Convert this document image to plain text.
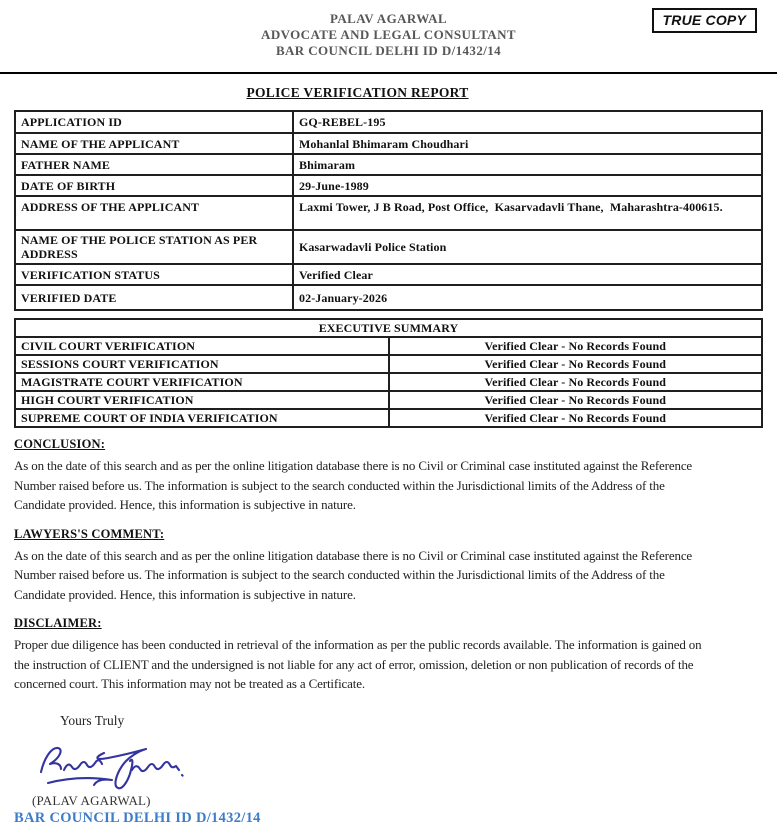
PALAV AGARWAL
ADVOCATE AND LEGAL CONSULTANT
BAR COUNCIL DELHI ID D/1432/14
TRUE COPY
POLICE VERIFICATION REPORT
APPLICATION ID	GQ-REBEL-195
NAME OF THE APPLICANT	Mohanlal Bhimaram Choudhari
FATHER NAME	Bhimaram
DATE OF BIRTH	29-June-1989
ADDRESS OF THE APPLICANT	Laxmi Tower, J B Road, Post Office,  Kasarvadavli Thane,  Maharashtra-400615.
NAME OF THE POLICE STATION AS PER ADDRESS	Kasarwadavli Police Station
VERIFICATION STATUS	Verified Clear
VERIFIED DATE	02-January-2026
EXECUTIVE SUMMARY	
CIVIL COURT VERIFICATION	Verified Clear - No Records Found
SESSIONS COURT VERIFICATION	Verified Clear - No Records Found
MAGISTRATE COURT VERIFICATION	Verified Clear - No Records Found
HIGH COURT VERIFICATION	Verified Clear - No Records Found
SUPREME COURT OF INDIA VERIFICATION	Verified Clear - No Records Found
CONCLUSION:
As on the date of this search and as per the online litigation database there is no Civil or Criminal case instituted against the Reference
Number raised before us. The information is subject to the search conducted within the Jurisdictional limits of the Address of the
Candidate provided. Hence, this information is subjective in nature.
LAWYERS'S COMMENT:
As on the date of this search and as per the online litigation database there is no Civil or Criminal case instituted against the Reference
Number raised before us. The information is subject to the search conducted within the Jurisdictional limits of the Address of the
Candidate provided. Hence, this information is subjective in nature.
DISCLAIMER:
Proper due diligence has been conducted in retrieval of the information as per the public records available. The information is gained on
the instruction of CLIENT and the undersigned is not liable for any act of error, omission, deletion or non publication of records of the
concerned court. This information may not be treated as a Certificate.
Yours Truly
(PALAV AGARWAL)
BAR COUNCIL DELHI ID D/1432/14
